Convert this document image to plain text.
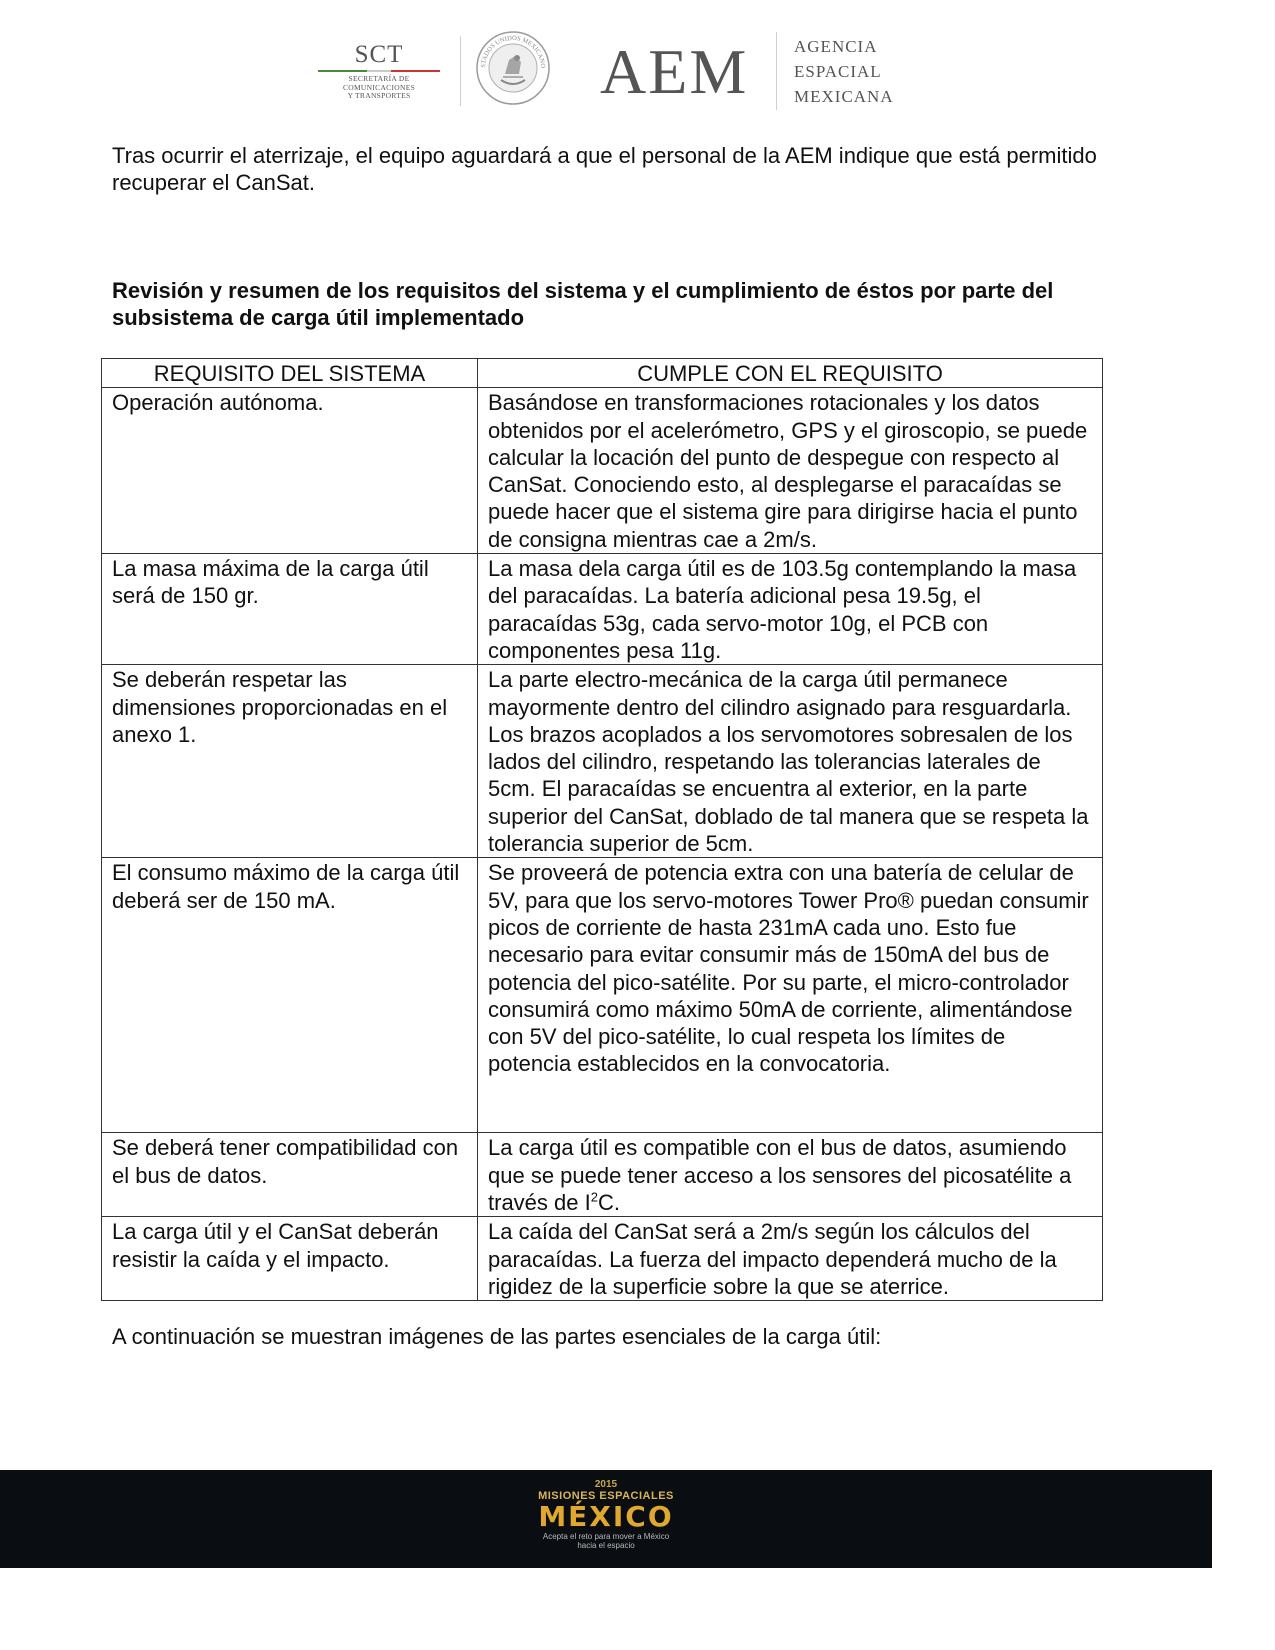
SCT
SECRETARÍA DE
COMUNICACIONES
Y TRANSPORTES
STADOS UNIDOS MEXICANO AEM	AGENCIA
ESPACIAL
MEXICANA
Tras ocurrir el aterrizaje, el equipo aguardará a que el personal de la AEM indique que está permitido recuperar el CanSat.
Revisión y resumen de los requisitos del sistema y el cumplimiento de éstos por parte del subsistema de carga útil implementado
REQUISITO DEL SISTEMA	CUMPLE CON EL REQUISITO
Operación autónoma.	Basándose en transformaciones rotacionales y los datos obtenidos por el acelerómetro, GPS y el giroscopio, se puede calcular la locación del punto de despegue con respecto al CanSat. Conociendo esto, al desplegarse el paracaídas se puede hacer que el sistema gire para dirigirse hacia el punto de consigna mientras cae a 2m/s.
La masa máxima de la carga útil será de 150 gr.	La masa dela carga útil es de 103.5g contemplando la masa del paracaídas. La batería adicional pesa 19.5g, el paracaídas 53g, cada servo-motor 10g, el PCB con componentes pesa 11g.
Se deberán respetar las dimensiones proporcionadas en el anexo 1.	La parte electro-mecánica de la carga útil permanece mayormente dentro del cilindro asignado para resguardarla. Los brazos acoplados a los servomotores sobresalen de los lados del cilindro, respetando las tolerancias laterales de 5cm. El paracaídas se encuentra al exterior, en la parte superior del CanSat, doblado de tal manera que se respeta la tolerancia superior de 5cm.
El consumo máximo de la carga útil deberá ser de 150 mA.	Se proveerá de potencia extra con una batería de celular de 5V, para que los servo-motores Tower Pro® puedan consumir picos de corriente de hasta 231mA cada uno. Esto fue necesario para evitar consumir más de 150mA del bus de potencia del pico-satélite. Por su parte, el micro-controlador consumirá como máximo 50mA de corriente, alimentándose con 5V del pico-satélite, lo cual respeta los límites de potencia establecidos en la convocatoria.
Se deberá tener compatibilidad con el bus de datos.	La carga útil es compatible con el bus de datos, asumiendo que se puede tener acceso a los sensores del picosatélite a través de $I^2C$.
La carga útil y el CanSat deberán resistir la caída y el impacto.	La caída del CanSat será a 2m/s según los cálculos del paracaídas. La fuerza del impacto dependerá mucho de la rigidez de la superficie sobre la que se aterrice.
A continuación se muestran imágenes de las partes esenciales de la carga útil:
2015
MISIONES ESPACIALES
MÉXICO
Acepta el reto para mover a México
hacia el espacio
